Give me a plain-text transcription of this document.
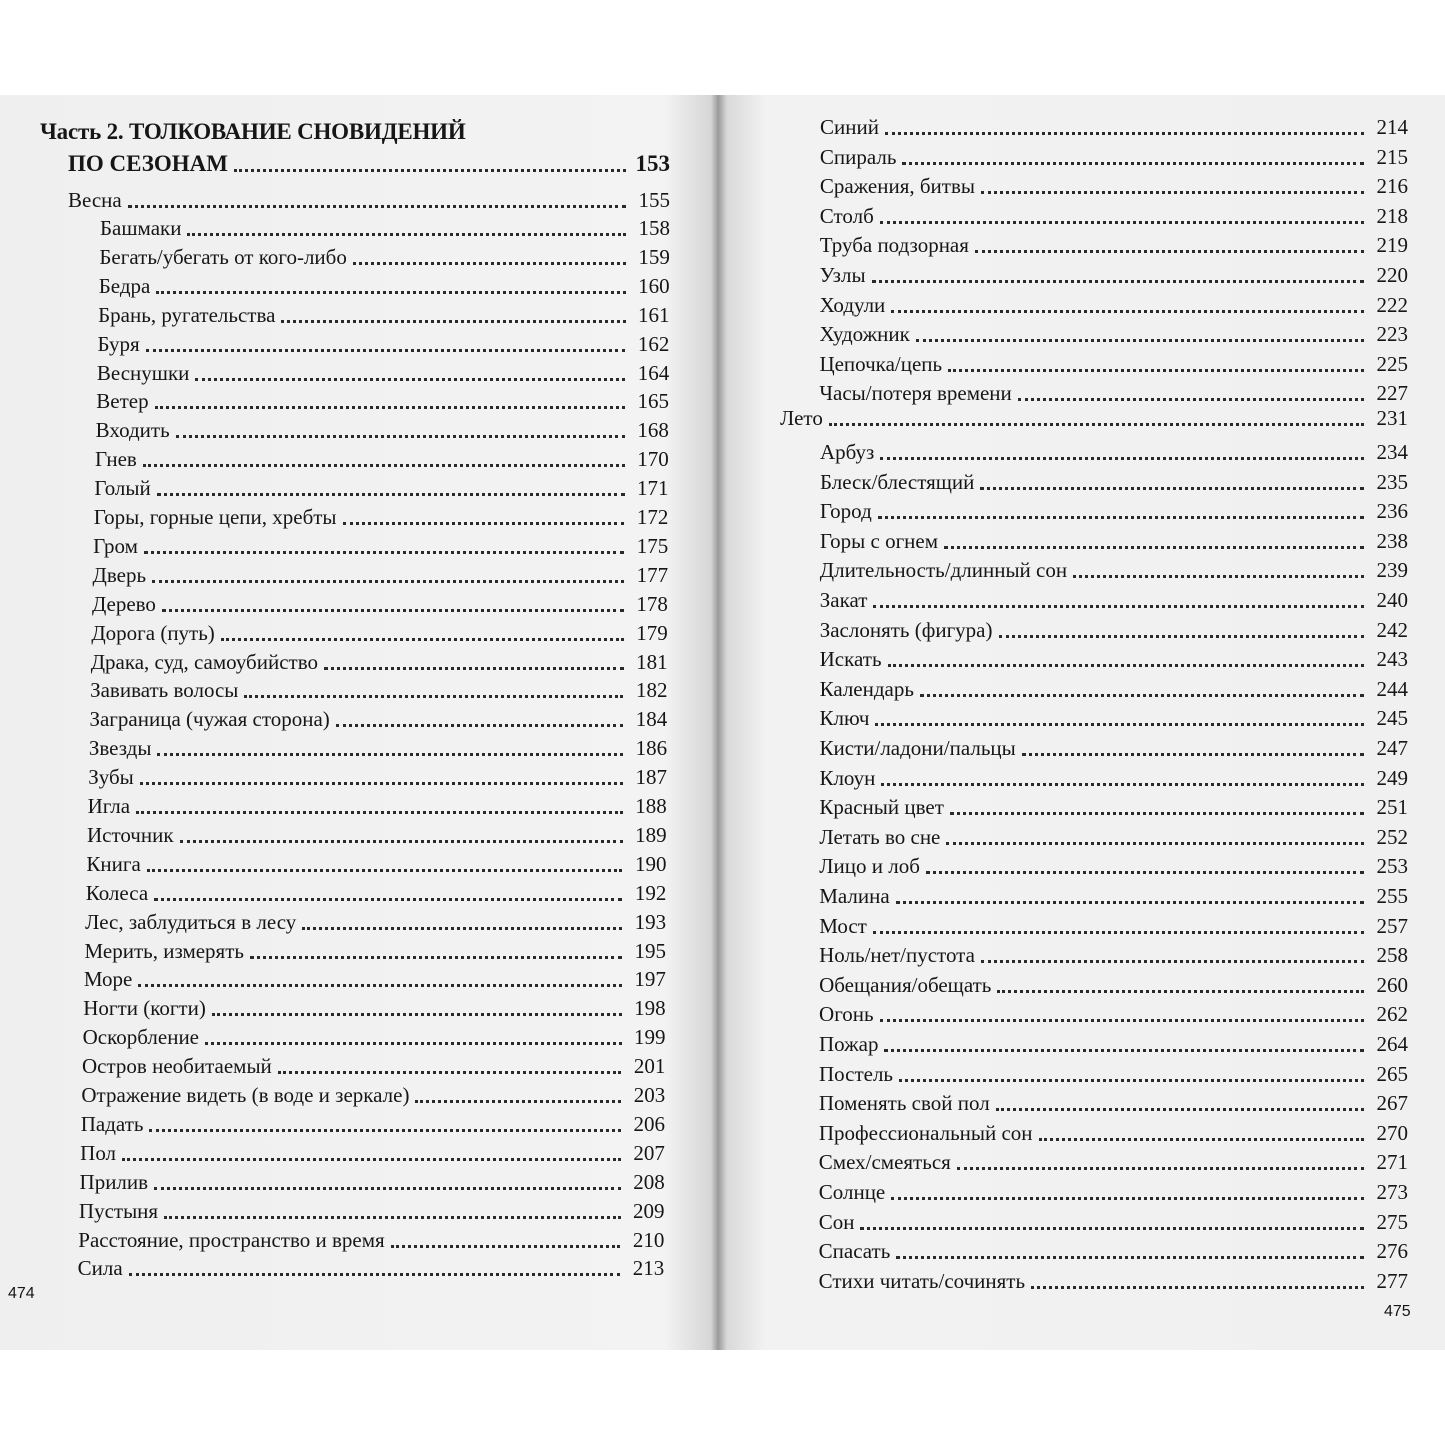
Часть 2. ТОЛКОВАНИЕ СНОВИДЕНИЙ
ПО СЕЗОНАМ	153
Весна	155
Башмаки	158
Бегать/убегать от кого-либо	159
Бедра	160
Брань, ругательства	161
Буря	162
Веснушки	164
Ветер	165
Входить	168
Гнев	170
Голый	171
Горы, горные цепи, хребты	172
Гром	175
Дверь	177
Дерево	178
Дорога (путь)	179
Драка, суд, самоубийство	181
Завивать волосы	182
Заграница (чужая сторона)	184
Звезды	186
Зубы	187
Игла	188
Источник	189
Книга	190
Колеса	192
Лес, заблудиться в лесу	193
Мерить, измерять	195
Море	197
Ногти (когти)	198
Оскорбление	199
Остров необитаемый	201
Отражение видеть (в воде и зеркале)	203
Падать	206
Пол	207
Прилив	208
Пустыня	209
Расстояние, пространство и время	210
Сила	213
474
Синий	214
Спираль	215
Сражения, битвы	216
Столб	218
Труба подзорная	219
Узлы	220
Ходули	222
Художник	223
Цепочка/цепь	225
Часы/потеря времени	227
Лето	231
Арбуз	234
Блеск/блестящий	235
Город	236
Горы с огнем	238
Длительность/длинный сон	239
Закат	240
Заслонять (фигура)	242
Искать	243
Календарь	244
Ключ	245
Кисти/ладони/пальцы	247
Клоун	249
Красный цвет	251
Летать во сне	252
Лицо и лоб	253
Малина	255
Мост	257
Ноль/нет/пустота	258
Обещания/обещать	260
Огонь	262
Пожар	264
Постель	265
Поменять свой пол	267
Профессиональный сон	270
Смех/смеяться	271
Солнце	273
Сон	275
Спасать	276
Стихи читать/сочинять	277
475
